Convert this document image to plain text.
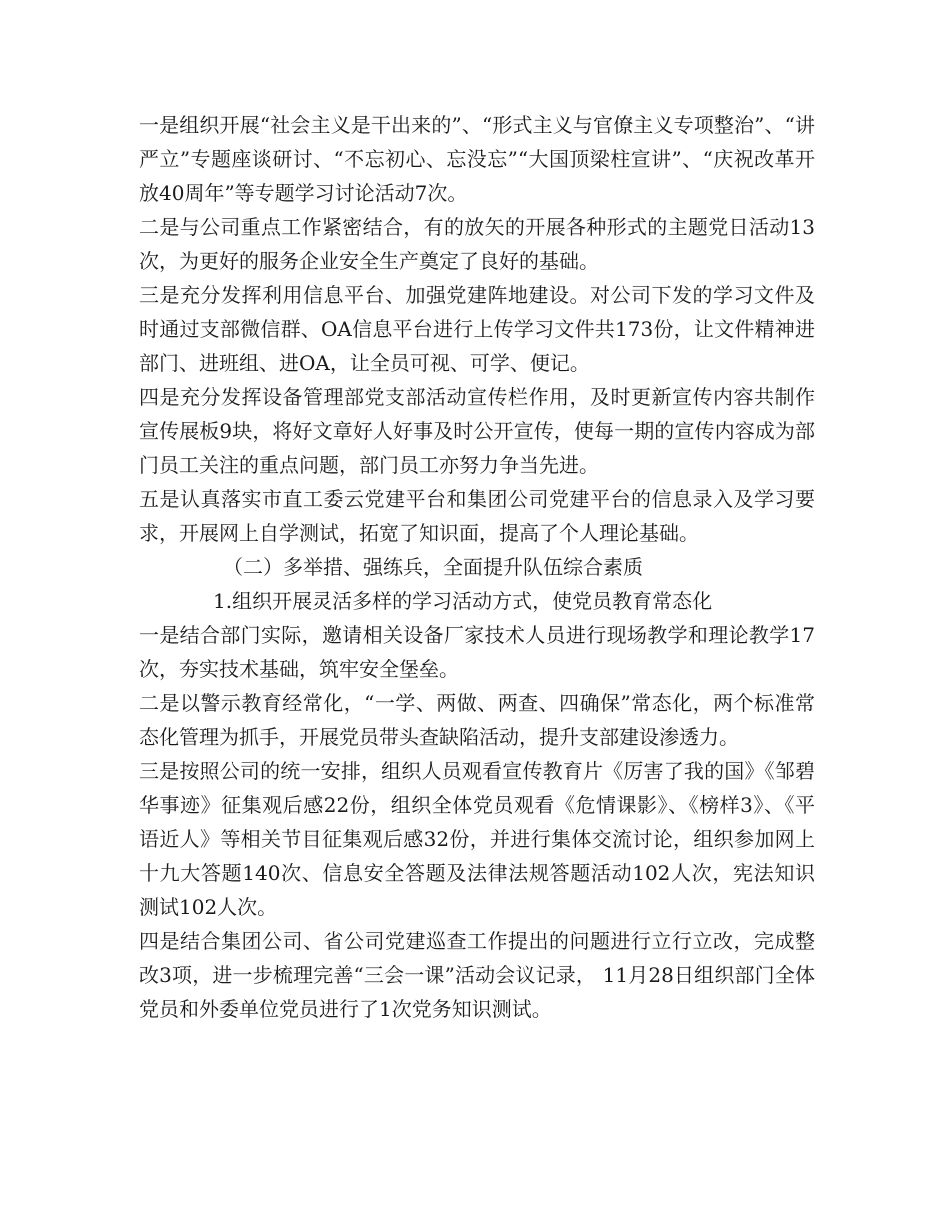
一是组织开展“社会主义是干出来的”、“形式主义与官僚主义专项整治”、“讲严立”专题座谈研讨、“不忘初心、忘没忘”“大国顶梁柱宣讲”、“庆祝改革开放40周年”等专题学习讨论活动7次。

二是与公司重点工作紧密结合，有的放矢的开展各种形式的主题党日活动13次，为更好的服务企业安全生产奠定了良好的基础。

三是充分发挥利用信息平台、加强党建阵地建设。对公司下发的学习文件及时通过支部微信群、OA信息平台进行上传学习文件共173份，让文件精神进部门、进班组、进OA，让全员可视、可学、便记。

四是充分发挥设备管理部党支部活动宣传栏作用，及时更新宣传内容共制作宣传展板9块，将好文章好人好事及时公开宣传，使每一期的宣传内容成为部门员工关注的重点问题，部门员工亦努力争当先进。

五是认真落实市直工委云党建平台和集团公司党建平台的信息录入及学习要求，开展网上自学测试，拓宽了知识面，提高了个人理论基础。

（二）多举措、强练兵，全面提升队伍综合素质

1.组织开展灵活多样的学习活动方式，使党员教育常态化

一是结合部门实际，邀请相关设备厂家技术人员进行现场教学和理论教学17次，夯实技术基础，筑牢安全堡垒。

二是以警示教育经常化，“一学、两做、两查、四确保”常态化，两个标准常态化管理为抓手，开展党员带头查缺陷活动，提升支部建设渗透力。

三是按照公司的统一安排，组织人员观看宣传教育片《厉害了我的国》《邹碧华事迹》征集观后感22份，组织全体党员观看《危情课影》、《榜样3》、《平语近人》等相关节目征集观后感32份，并进行集体交流讨论，组织参加网上十九大答题140次、信息安全答题及法律法规答题活动102人次，宪法知识测试102人次。

四是结合集团公司、省公司党建巡查工作提出的问题进行立行立改，完成整改3项，进一步梳理完善“三会一课”活动会议记录， 11月28日组织部门全体党员和外委单位党员进行了1次党务知识测试。
